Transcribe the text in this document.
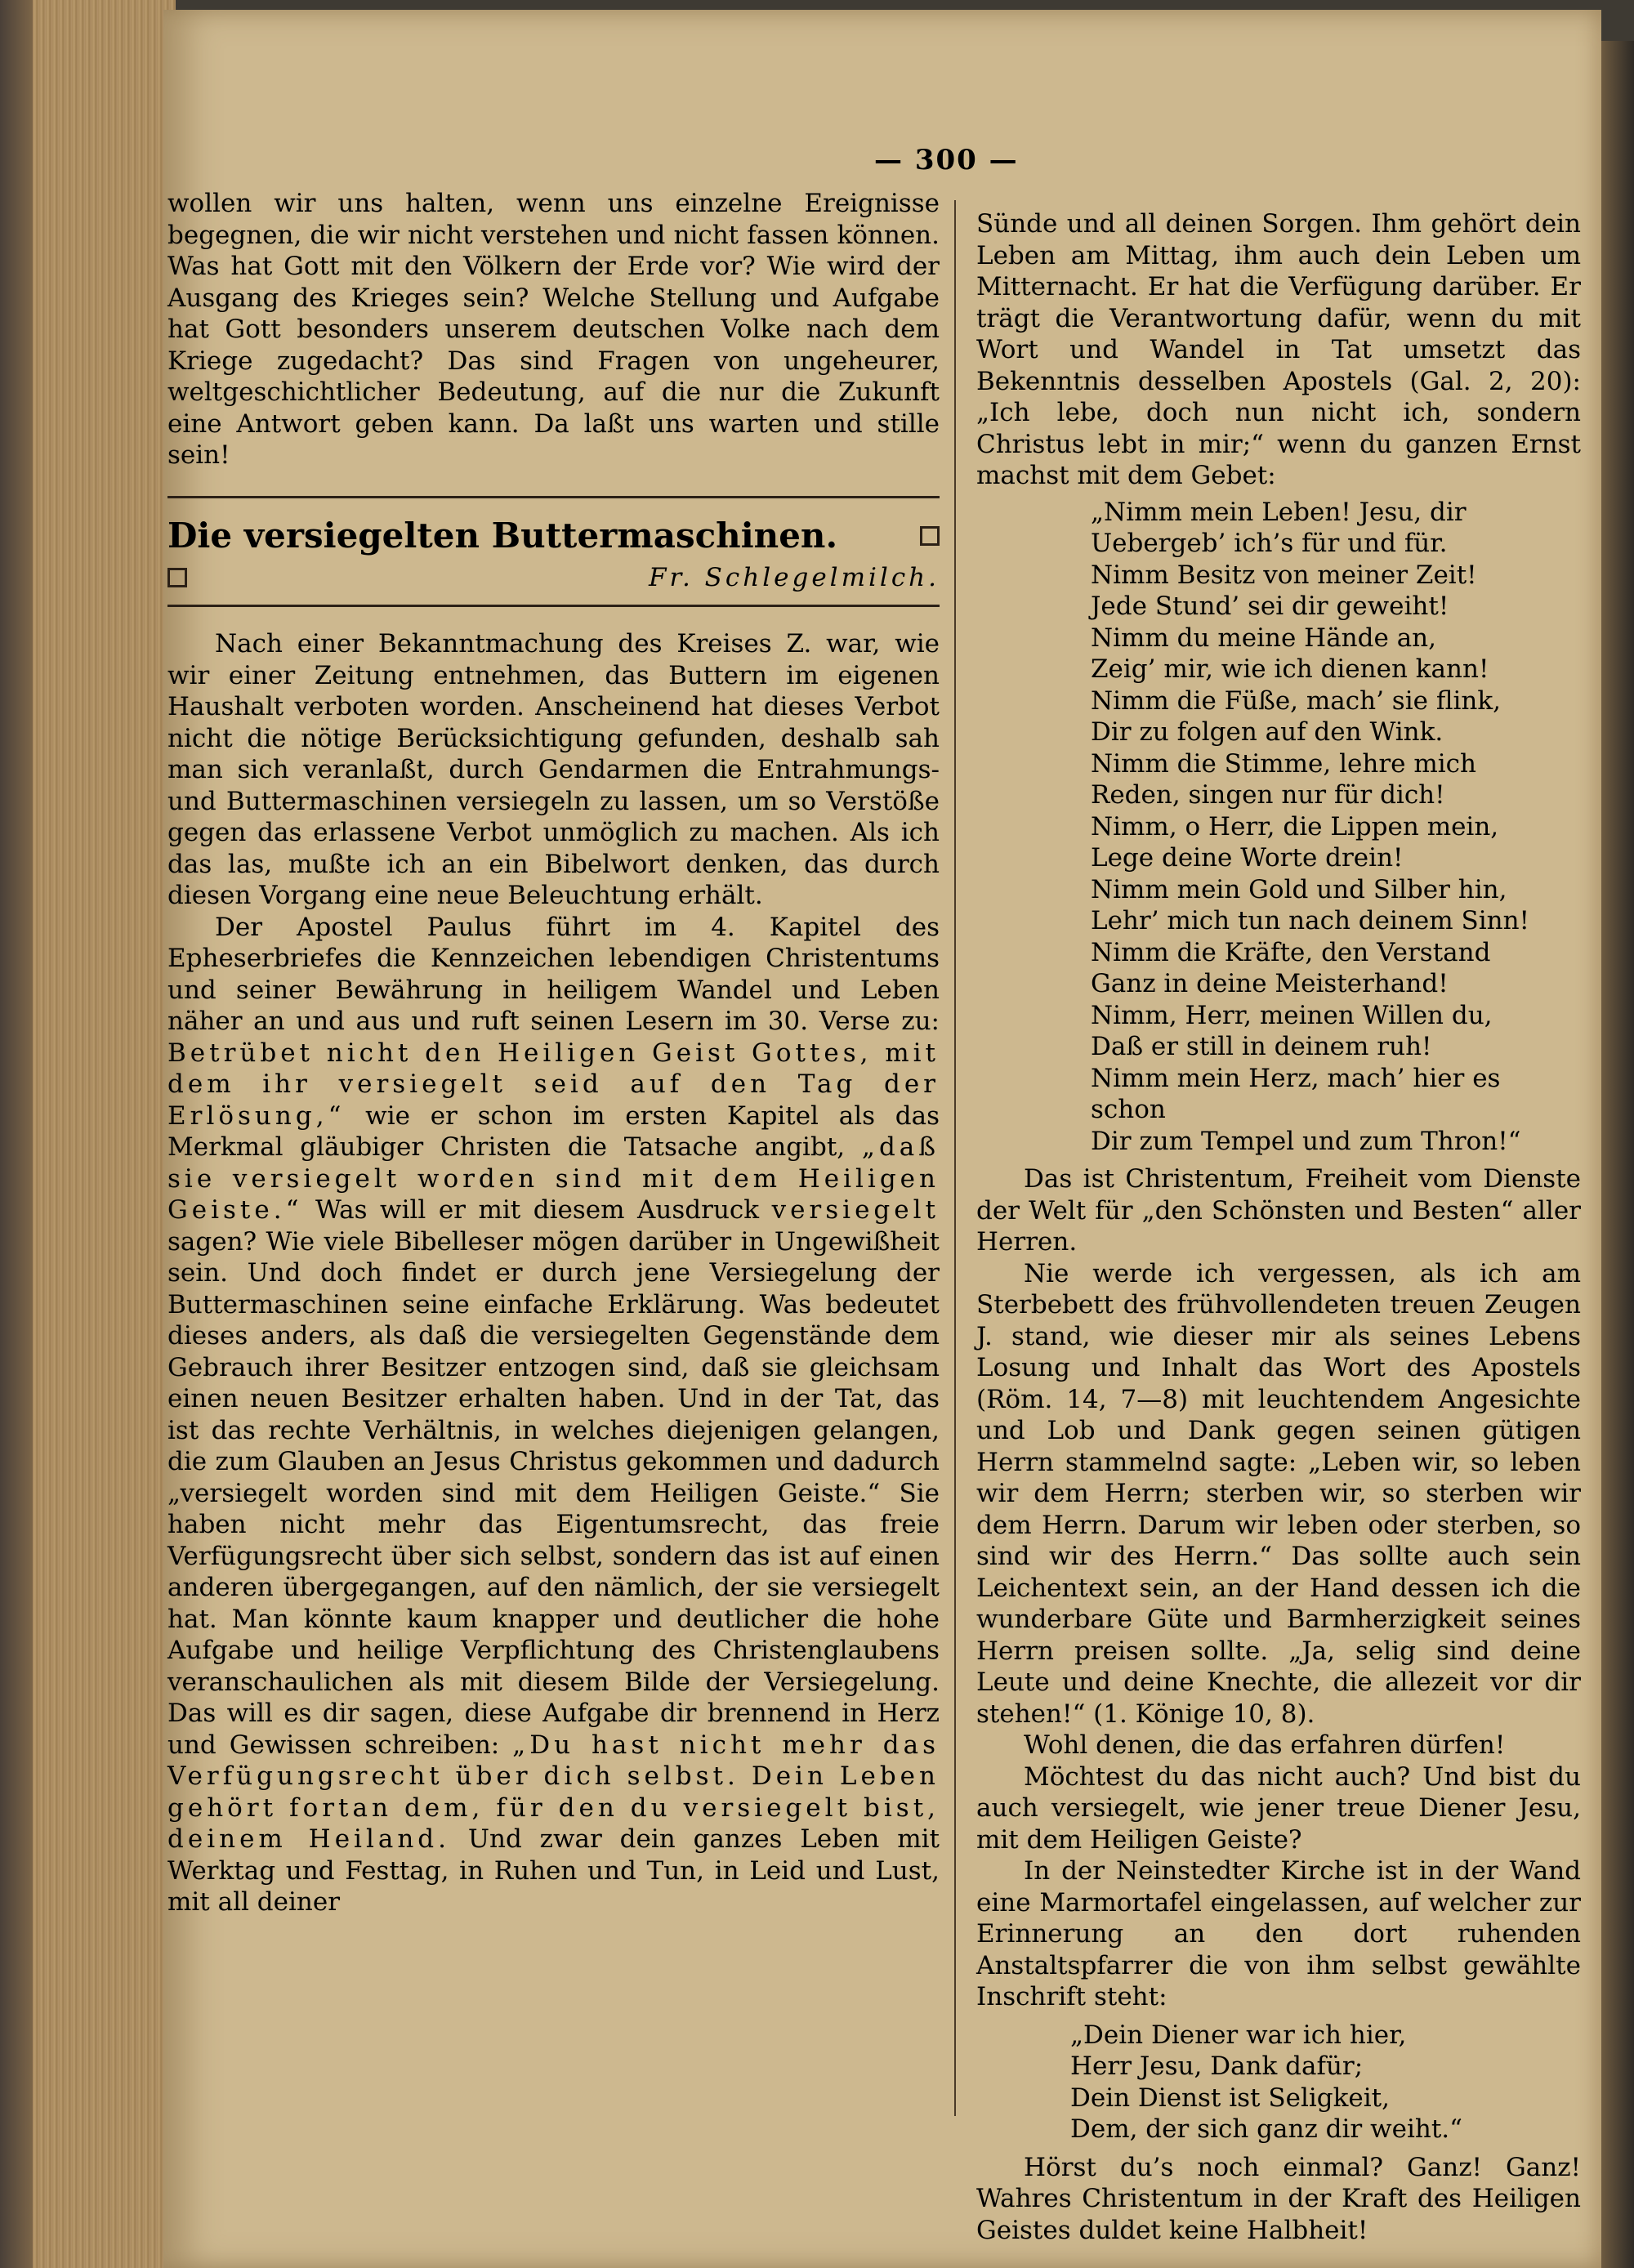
— 300 —

wollen wir uns halten, wenn uns einzelne Ereignisse begegnen, die wir nicht verstehen und nicht fassen können. Was hat Gott mit den Völkern der Erde vor? Wie wird der Ausgang des Krieges sein? Welche Stellung und Aufgabe hat Gott besonders unserem deutschen Volke nach dem Kriege zugedacht? Das sind Fragen von ungeheurer, weltgeschichtlicher Bedeutung, auf die nur die Zukunft eine Antwort geben kann. Da laßt uns warten und stille sein!

Die versiegelten Buttermaschinen.
Fr. Schlegelmilch.

Nach einer Bekanntmachung des Kreises Z. war, wie wir einer Zeitung entnehmen, das Buttern im eigenen Haushalt verboten worden. Anscheinend hat dieses Verbot nicht die nötige Berücksichtigung gefunden, deshalb sah man sich veranlaßt, durch Gendarmen die Entrahmungs- und Buttermaschinen versiegeln zu lassen, um so Verstöße gegen das erlassene Verbot unmöglich zu machen. Als ich das las, mußte ich an ein Bibelwort denken, das durch diesen Vorgang eine neue Beleuchtung erhält.

Der Apostel Paulus führt im 4. Kapitel des Epheserbriefes die Kennzeichen lebendigen Christentums und seiner Bewährung in heiligem Wandel und Leben näher an und aus und ruft seinen Lesern im 30. Verse zu: Betrübet nicht den Heiligen Geist Gottes, mit dem ihr versiegelt seid auf den Tag der Erlösung,“ wie er schon im ersten Kapitel als das Merkmal gläubiger Christen die Tatsache angibt, „daß sie versiegelt worden sind mit dem Heiligen Geiste.“ Was will er mit diesem Ausdruck versiegelt sagen? Wie viele Bibelleser mögen darüber in Ungewißheit sein. Und doch findet er durch jene Versiegelung der Buttermaschinen seine einfache Erklärung. Was bedeutet dieses anders, als daß die versiegelten Gegenstände dem Gebrauch ihrer Besitzer entzogen sind, daß sie gleichsam einen neuen Besitzer erhalten haben. Und in der Tat, das ist das rechte Verhältnis, in welches diejenigen gelangen, die zum Glauben an Jesus Christus gekommen und dadurch „versiegelt worden sind mit dem Heiligen Geiste.“ Sie haben nicht mehr das Eigentumsrecht, das freie Verfügungsrecht über sich selbst, sondern das ist auf einen anderen übergegangen, auf den nämlich, der sie versiegelt hat. Man könnte kaum knapper und deutlicher die hohe Aufgabe und heilige Verpflichtung des Christenglaubens veranschaulichen als mit diesem Bilde der Versiegelung. Das will es dir sagen, diese Aufgabe dir brennend in Herz und Gewissen schreiben: „Du hast nicht mehr das Verfügungsrecht über dich selbst. Dein Leben gehört fortan dem, für den du versiegelt bist, deinem Heiland. Und zwar dein ganzes Leben mit Werktag und Festtag, in Ruhen und Tun, in Leid und Lust, mit all deiner

Sünde und all deinen Sorgen. Ihm gehört dein Leben am Mittag, ihm auch dein Leben um Mitternacht. Er hat die Verfügung darüber. Er trägt die Verantwortung dafür, wenn du mit Wort und Wandel in Tat umsetzt das Bekenntnis desselben Apostels (Gal. 2, 20): „Ich lebe, doch nun nicht ich, sondern Christus lebt in mir;“ wenn du ganzen Ernst machst mit dem Gebet:

„Nimm mein Leben! Jesu, dir
Uebergeb’ ich’s für und für.
Nimm Besitz von meiner Zeit!
Jede Stund’ sei dir geweiht!
Nimm du meine Hände an,
Zeig’ mir, wie ich dienen kann!
Nimm die Füße, mach’ sie flink,
Dir zu folgen auf den Wink.
Nimm die Stimme, lehre mich
Reden, singen nur für dich!
Nimm, o Herr, die Lippen mein,
Lege deine Worte drein!
Nimm mein Gold und Silber hin,
Lehr’ mich tun nach deinem Sinn!
Nimm die Kräfte, den Verstand
Ganz in deine Meisterhand!
Nimm, Herr, meinen Willen du,
Daß er still in deinem ruh!
Nimm mein Herz, mach’ hier es schon
Dir zum Tempel und zum Thron!“

Das ist Christentum, Freiheit vom Dienste der Welt für „den Schönsten und Besten“ aller Herren.

Nie werde ich vergessen, als ich am Sterbebett des frühvollendeten treuen Zeugen J. stand, wie dieser mir als seines Lebens Losung und Inhalt das Wort des Apostels (Röm. 14, 7—8) mit leuchtendem Angesichte und Lob und Dank gegen seinen gütigen Herrn stammelnd sagte: „Leben wir, so leben wir dem Herrn; sterben wir, so sterben wir dem Herrn. Darum wir leben oder sterben, so sind wir des Herrn.“ Das sollte auch sein Leichentext sein, an der Hand dessen ich die wunderbare Güte und Barmherzigkeit seines Herrn preisen sollte. „Ja, selig sind deine Leute und deine Knechte, die allezeit vor dir stehen!“ (1. Könige 10, 8).

Wohl denen, die das erfahren dürfen!

Möchtest du das nicht auch? Und bist du auch versiegelt, wie jener treue Diener Jesu, mit dem Heiligen Geiste?

In der Neinstedter Kirche ist in der Wand eine Marmortafel eingelassen, auf welcher zur Erinnerung an den dort ruhenden Anstaltspfarrer die von ihm selbst gewählte Inschrift steht:

„Dein Diener war ich hier,
Herr Jesu, Dank dafür;
Dein Dienst ist Seligkeit,
Dem, der sich ganz dir weiht.“

Hörst du’s noch einmal? Ganz! Ganz! Wahres Christentum in der Kraft des Heiligen Geistes duldet keine Halbheit!
